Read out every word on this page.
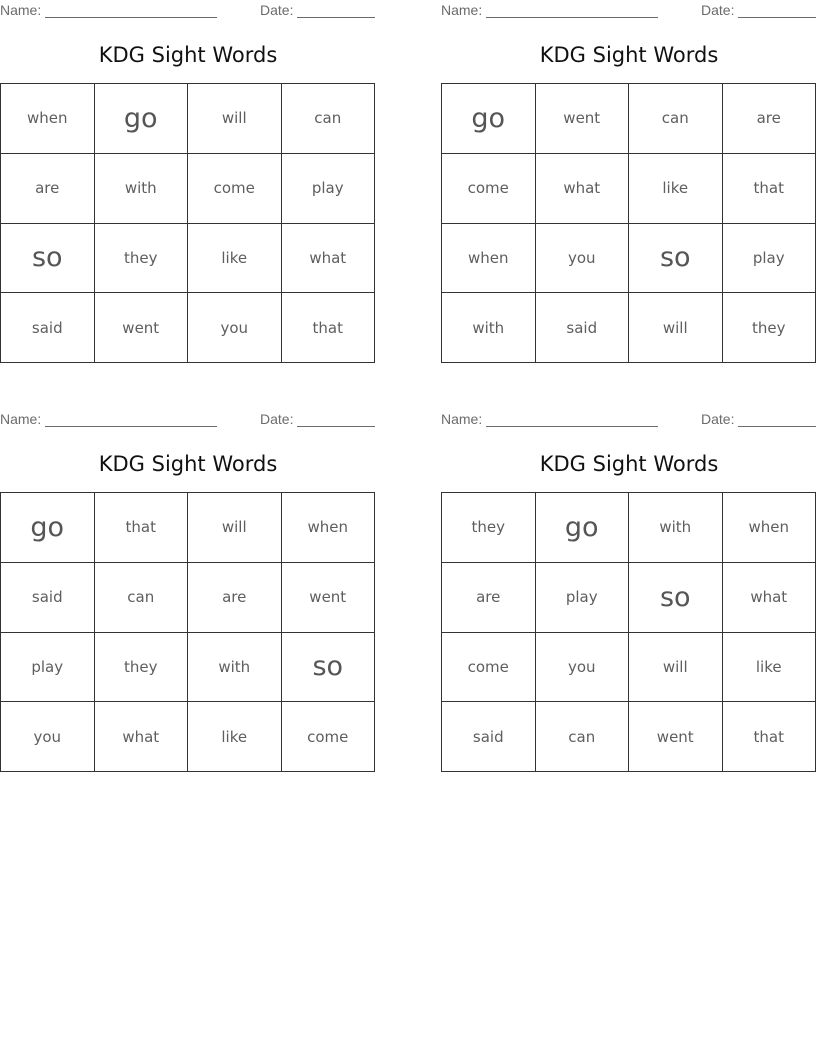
Name:	Date:
KDG Sight Words
when	go	will	can
are	with	come	play
so	they	like	what
said	went	you	that
Name:	Date:
KDG Sight Words
go	went	can	are
come	what	like	that
when	you	so	play
with	said	will	they
Name:	Date:
KDG Sight Words
go	that	will	when
said	can	are	went
play	they	with	so
you	what	like	come
Name:	Date:
KDG Sight Words
they	go	with	when
are	play	so	what
come	you	will	like
said	can	went	that
